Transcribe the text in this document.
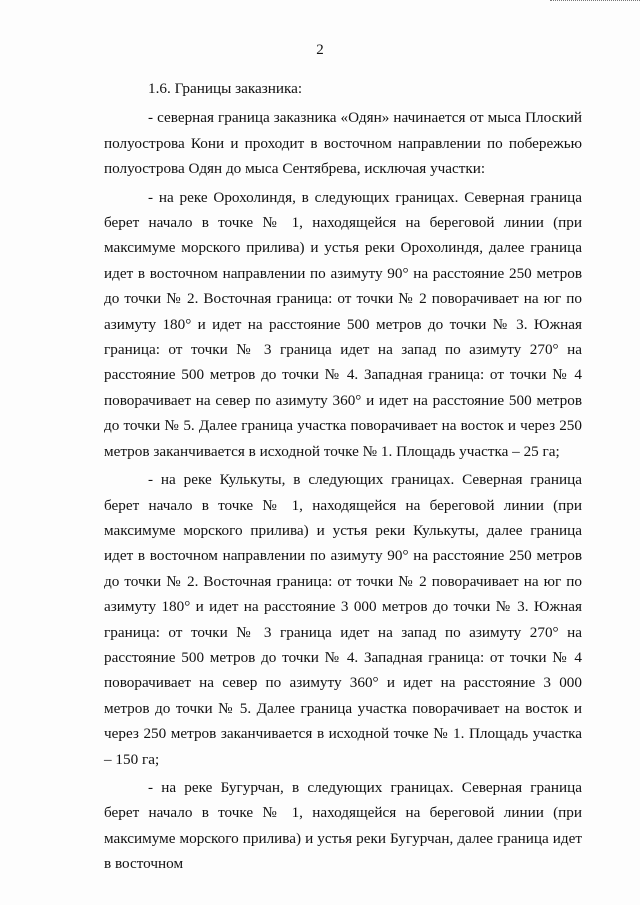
2

1.6. Границы заказника:

- северная граница заказника «Одян» начинается от мыса Плоский полуострова Кони и проходит в восточном направлении по побережью полуострова Одян до мыса Сентябрева, исключая участки:

- на реке Орохолиндя, в следующих границах. Северная граница берет начало в точке № 1, находящейся на береговой линии (при максимуме морского прилива) и устья реки Орохолиндя, далее граница идет в восточном направлении по азимуту 90° на расстояние 250 метров до точки № 2. Восточная граница: от точки № 2 поворачивает на юг по азимуту 180° и идет на расстояние 500 метров до точки № 3. Южная граница: от точки № 3 граница идет на запад по азимуту 270° на расстояние 500 метров до точки № 4. Западная граница: от точки № 4 поворачивает на север по азимуту 360° и идет на расстояние 500 метров до точки № 5. Далее граница участка поворачивает на восток и через 250 метров заканчивается в исходной точке № 1. Площадь участка – 25 га;

- на реке Кулькуты, в следующих границах. Северная граница берет начало в точке № 1, находящейся на береговой линии (при максимуме морского прилива) и устья реки Кулькуты, далее граница идет в восточном направлении по азимуту 90° на расстояние 250 метров до точки № 2. Восточная граница: от точки № 2 поворачивает на юг по азимуту 180° и идет на расстояние 3 000 метров до точки № 3. Южная граница: от точки № 3 граница идет на запад по азимуту 270° на расстояние 500 метров до точки № 4. Западная граница: от точки № 4 поворачивает на север по азимуту 360° и идет на расстояние 3 000 метров до точки № 5. Далее граница участка поворачивает на восток и через 250 метров заканчивается в исходной точке № 1. Площадь участка – 150 га;

- на реке Бугурчан, в следующих границах. Северная граница берет начало в точке № 1, находящейся на береговой линии (при максимуме морского прилива) и устья реки Бугурчан, далее граница идет в восточном
